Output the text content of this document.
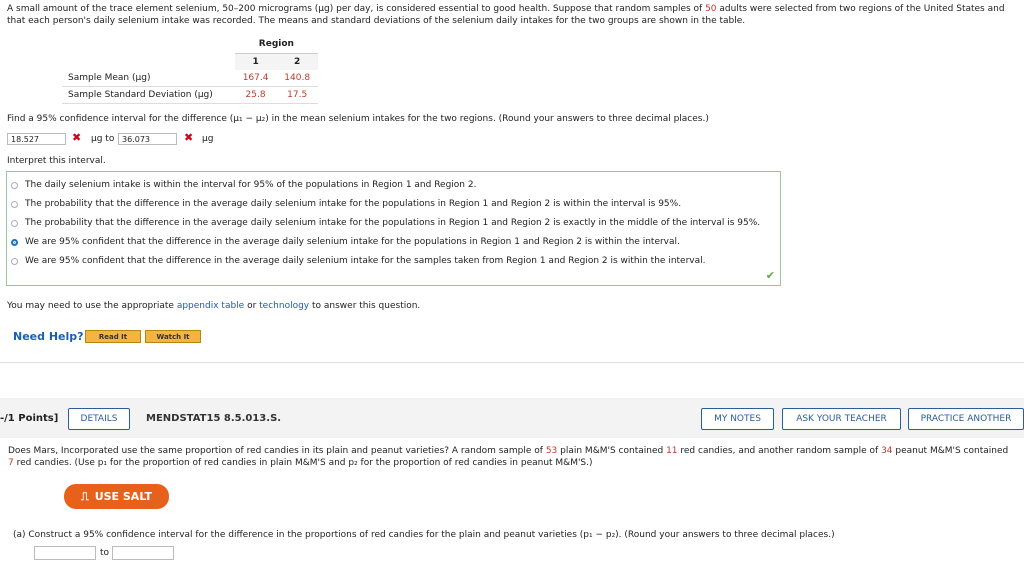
A small amount of the trace element selenium, 50–200 micrograms (µg) per day, is considered essential to good health. Suppose that random samples of 50 adults were selected from two regions of the United States and that each person's daily selenium intake was recorded. The means and standard deviations of the selenium daily intakes for the two groups are shown in the table.
	Region	
	1	2
Sample Mean (µg)	167.4	140.8
Sample Standard Deviation (µg)	25.8	17.5
Find a 95% confidence interval for the difference (µ₁ − µ₂) in the mean selenium intakes for the two regions. (Round your answers to three decimal places.)
18.527	✖ µg to 36.073	✖ µg
Interpret this interval.
The daily selenium intake is within the interval for 95% of the populations in Region 1 and Region 2.
The probability that the difference in the average daily selenium intake for the populations in Region 1 and Region 2 is within the interval is 95%.
The probability that the difference in the average daily selenium intake for the populations in Region 1 and Region 2 is exactly in the middle of the interval is 95%.
We are 95% confident that the difference in the average daily selenium intake for the populations in Region 1 and Region 2 is within the interval.
We are 95% confident that the difference in the average daily selenium intake for the samples taken from Region 1 and Region 2 is within the interval.
✔
You may need to use the appropriate appendix table or technology to answer this question.
Need Help?	Read It	Watch It
-/1 Points]	DETAILS	MENDSTAT15 8.5.013.S.	MY NOTES	ASK YOUR TEACHER	PRACTICE ANOTHER
Does Mars, Incorporated use the same proportion of red candies in its plain and peanut varieties? A random sample of 53 plain M&M'S contained 11 red candies, and another random sample of 34 peanut M&M'S contained 7 red candies. (Use p₁ for the proportion of red candies in plain M&M'S and p₂ for the proportion of red candies in peanut M&M'S.)
⎍ USE SALT
(a) Construct a 95% confidence interval for the difference in the proportions of red candies for the plain and peanut varieties (p₁ − p₂). (Round your answers to three decimal places.)
to
